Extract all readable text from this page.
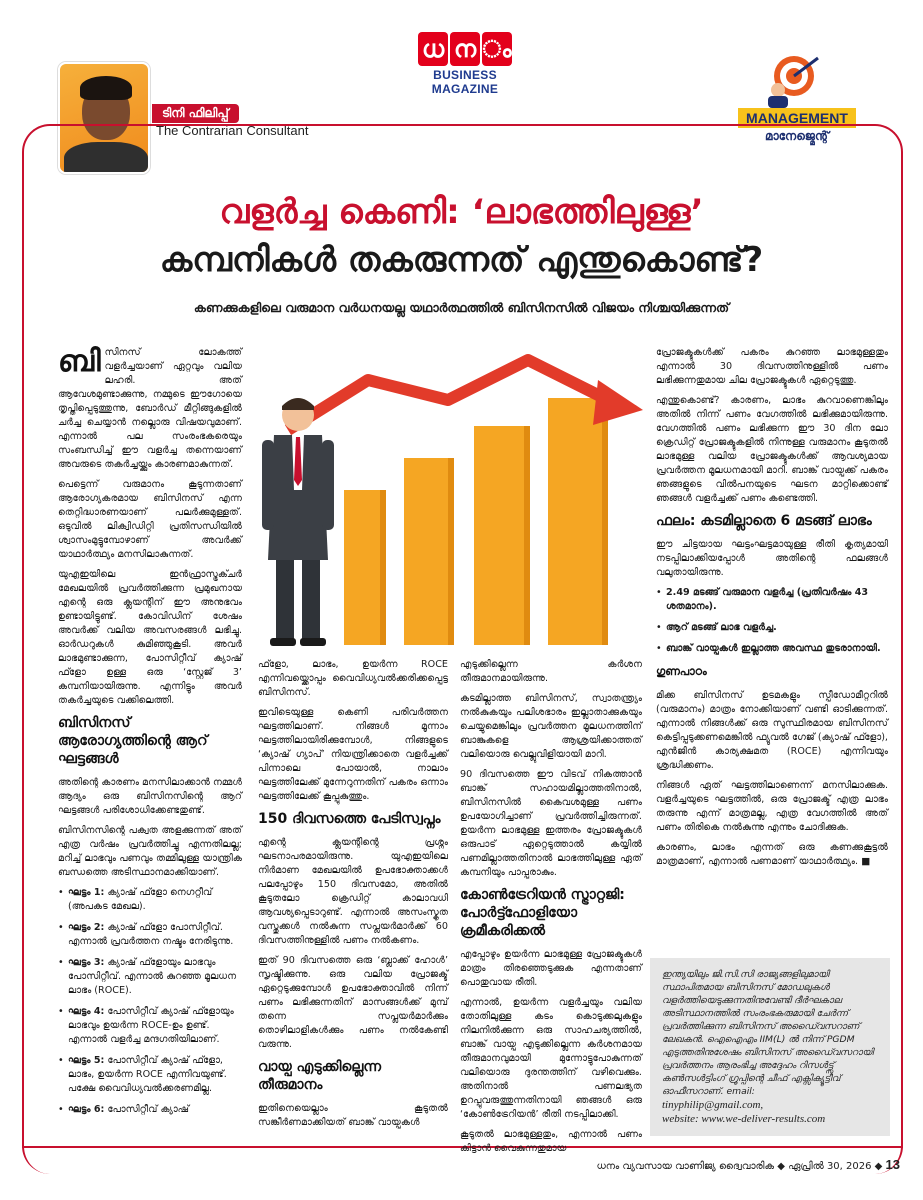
ധ ന ം
BUSINESS MAGAZINE
ടിനി ഫിലിപ്പ്
The Contrarian Consultant
MANAGEMENT
മാനേജ്മെന്റ്
വളര്‍ച്ച കെണി: ‘ലാഭത്തിലുള്ള’
കമ്പനികള്‍ തകരുന്നത് എന്തുകൊണ്ട്?
കണക്കുകളിലെ വരുമാന വര്‍ധനയല്ല യഥാര്‍ത്ഥത്തില്‍ ബിസിനസില്‍ വിജയം നിശ്ചയിക്കുന്നത്

ബിസിനസ് ലോകത്ത് വളര്‍ച്ചയാണ് ഏറ്റവും വലിയ ലഹരി. അത് ആവേശമുണ്ടാക്കുന്നു, നമ്മുടെ ഈഗോയെ തൃപ്തിപ്പെടുത്തുന്നു, ബോര്‍ഡ് മീറ്റിങ്ങുകളില്‍ ചര്‍ച്ച ചെയ്യാന്‍ നല്ലൊരു വിഷയവുമാണ്. എന്നാല്‍ പല സംരംഭകരെയും സംബന്ധിച്ച് ഈ വളര്‍ച്ച തന്നെയാണ് അവരുടെ തകര്‍ച്ചയ്ക്കും കാരണമാകുന്നത്.

പെട്ടെന്ന് വരുമാനം കൂടുന്നതാണ് ആരോഗ്യകരമായ ബിസിനസ് എന്ന തെറ്റിദ്ധാരണയാണ് പലര്‍ക്കുമുള്ളത്. ഒടുവില്‍ ലിക്വിഡിറ്റി പ്രതിസന്ധിയില്‍ ശ്വാസംമുട്ടുമ്പോഴാണ് അവര്‍ക്ക് യാഥാര്‍ത്ഥ്യം മനസിലാകുന്നത്.

യുഎഇയിലെ ഇന്‍ഫ്രാസ്ട്രക്ചര്‍ മേഖലയില്‍ പ്രവര്‍ത്തിക്കുന്ന പ്രമുഖനായ എന്റെ ഒരു ക്ലയന്റിന് ഈ അനുഭവം ഉണ്ടായിട്ടുണ്ട്. കോവിഡിന് ശേഷം അവര്‍ക്ക് വലിയ അവസരങ്ങള്‍ ലഭിച്ചു. ഓര്‍ഡറുകള്‍ കുമിഞ്ഞുകൂടി. അവര്‍ ലാഭമുണ്ടാക്കുന്ന, പോസിറ്റീവ് ക്യാഷ് ഫ്ളോ ഉള്ള ഒരു ‘സ്റ്റേജ് 3’ കമ്പനിയായിരുന്നു. എന്നിട്ടും അവര്‍ തകര്‍ച്ചയുടെ വക്കിലെത്തി.

ബിസിനസ് ആരോഗ്യത്തിന്റെ ആറ് ഘട്ടങ്ങള്‍

അതിന്റെ കാരണം മനസിലാക്കാന്‍ നമ്മള്‍ ആദ്യം ഒരു ബിസിനസിന്റെ ആറ് ഘട്ടങ്ങള്‍ പരിശോധിക്കേണ്ടതുണ്ട്.

ബിസിനസിന്റെ പക്വത അളക്കുന്നത് അത് എത്ര വര്‍ഷം പ്രവര്‍ത്തിച്ചു എന്നതിലല്ല; മറിച്ച് ലാഭവും പണവും തമ്മിലുള്ള യാന്ത്രിക ബന്ധത്തെ അടിസ്ഥാനമാക്കിയാണ്.

• ഘട്ടം 1: ക്യാഷ് ഫ്ളോ നെഗറ്റീവ് (അപകട മേഖല).
• ഘട്ടം 2: ക്യാഷ് ഫ്ളോ പോസിറ്റീവ്. എന്നാല്‍ പ്രവര്‍ത്തന നഷ്ടം നേരിടുന്നു.
• ഘട്ടം 3: ക്യാഷ് ഫ്ളോയും ലാഭവും പോസിറ്റീവ്. എന്നാല്‍ കുറഞ്ഞ മൂലധന ലാഭം (ROCE).
• ഘട്ടം 4: പോസിറ്റീവ് ക്യാഷ് ഫ്ളോയും ലാഭവും ഉയര്‍ന്ന ROCE-ഉം ഉണ്ട്. എന്നാല്‍ വളര്‍ച്ച മന്ദഗതിയിലാണ്.
• ഘട്ടം 5: പോസിറ്റീവ് ക്യാഷ് ഫ്ളോ, ലാഭം, ഉയര്‍ന്ന ROCE എന്നിവയുണ്ട്. പക്ഷേ വൈവിധ്യവല്‍ക്കരണമില്ല.
• ഘട്ടം 6: പോസിറ്റീവ് ക്യാഷ്

ഫ്ളോ, ലാഭം, ഉയര്‍ന്ന ROCE എന്നിവയ്ക്കൊപ്പം വൈവിധ്യവല്‍ക്കരിക്കപ്പെട്ട ബിസിനസ്.

ഇവിടെയുള്ള കെണി പരിവര്‍ത്തന ഘട്ടത്തിലാണ്. നിങ്ങള്‍ മൂന്നാം ഘട്ടത്തിലായിരിക്കുമ്പോള്‍, നിങ്ങളുടെ ‘ക്യാഷ് ഗ്യാപ്’ നിയന്ത്രിക്കാതെ വളര്‍ച്ചക്ക് പിന്നാലെ പോയാല്‍, നാലാം ഘട്ടത്തിലേക്ക് മുന്നേറുന്നതിന് പകരം ഒന്നാം ഘട്ടത്തിലേക്ക് കൂപ്പുകുത്തും.

150 ദിവസത്തെ പേടിസ്വപ്നം

എന്റെ ക്ലയന്റിന്റെ പ്രശ്നം ഘടനാപരമായിരുന്നു. യുഎഇയിലെ നിര്‍മാണ മേഖലയില്‍ ഉപഭോക്താക്കള്‍ പലപ്പോഴും 150 ദിവസമോ, അതില്‍ കൂടുതലോ ക്രെഡിറ്റ് കാലാവധി ആവശ്യപ്പെടാറുണ്ട്. എന്നാല്‍ അസംസ്കൃത വസ്തുക്കള്‍ നല്‍കുന്ന സപ്ലയര്‍മാര്‍ക്ക് 60 ദിവസത്തിനുള്ളില്‍ പണം നല്‍കണം.

ഇത് 90 ദിവസത്തെ ഒരു ‘ബ്ലാക്ക് ഹോള്‍’ സൃഷ്ടിക്കുന്നു. ഒരു വലിയ പ്രോജക്ട് ഏറ്റെടുക്കുമ്പോള്‍ ഉപഭോക്താവില്‍ നിന്ന് പണം ലഭിക്കുന്നതിന് മാസങ്ങള്‍ക്ക് മുമ്പ് തന്നെ സപ്ലയര്‍മാര്‍ക്കും തൊഴിലാളികള്‍ക്കും പണം നല്‍കേണ്ടി വരുന്നു.

വായ്പ എടുക്കില്ലെന്ന തീരുമാനം

ഇതിനെയെല്ലാം കൂടുതല്‍ സങ്കീര്‍ണമാക്കിയത് ബാങ്ക് വായ്പകള്‍

എടുക്കില്ലെന്ന കര്‍ശന തീരുമാനമായിരുന്നു.

കടമില്ലാത്ത ബിസിനസ്, സ്വാതന്ത്ര്യം നല്‍കുകയും പലിശഭാരം ഇല്ലാതാക്കുകയും ചെയ്യുമെങ്കിലും പ്രവര്‍ത്തന മൂലധനത്തിന് ബാങ്കുകളെ ആശ്രയിക്കാത്തത് വലിയൊരു വെല്ലുവിളിയായി മാറി.

90 ദിവസത്തെ ഈ വിടവ് നികത്താന്‍ ബാങ്ക് സഹായമില്ലാത്തതിനാല്‍, ബിസിനസില്‍ കൈവശമുള്ള പണം ഉപയോഗിച്ചാണ് പ്രവര്‍ത്തിച്ചിരുന്നത്. ഉയര്‍ന്ന ലാഭമുള്ള ഇത്തരം പ്രോജക്ടുകള്‍ ഒരുപാട് ഏറ്റെടുത്താല്‍ കയ്യില്‍ പണമില്ലാത്തതിനാല്‍ ലാഭത്തിലുള്ള ഏത് കമ്പനിയും പാപ്പരാകും.

കോണ്‍ട്രേറിയന്‍ സ്ട്രാറ്റജി: പോര്‍ട്ട്ഫോളിയോ ക്രമീകരിക്കല്‍

എപ്പോഴും ഉയര്‍ന്ന ലാഭമുള്ള പ്രോജക്ടുകള്‍ മാത്രം തിരഞ്ഞെടുക്കുക എന്നതാണ് പൊതുവായ രീതി.

എന്നാല്‍, ഉയര്‍ന്ന വളര്‍ച്ചയും വലിയ തോതിലുള്ള കടം കൊടുക്കലുകളും നിലനില്‍ക്കുന്ന ഒരു സാഹചര്യത്തില്‍, ബാങ്ക് വായ്പ എടുക്കില്ലെന്ന കര്‍ശനമായ തീരുമാനവുമായി മുന്നോട്ടുപോകുന്നത് വലിയൊരു ദുരന്തത്തിന് വഴിവെക്കും. അതിനാല്‍ പണലഭ്യത ഉറപ്പുവരുത്തുന്നതിനായി ഞങ്ങള്‍ ഒരു ‘കോണ്‍ട്രേറിയന്‍’ രീതി നടപ്പിലാക്കി.

കൂടുതല്‍ ലാഭമുള്ളതും, എന്നാല്‍ പണം കിട്ടാന്‍ വൈകുന്നതുമായ

പ്രോജക്ടുകള്‍ക്ക് പകരം കുറഞ്ഞ ലാഭമുള്ളതും എന്നാല്‍ 30 ദിവസത്തിനുള്ളില്‍ പണം ലഭിക്കുന്നതുമായ ചില പ്രോജക്ടുകള്‍ ഏറ്റെടുത്തു.

എന്തുകൊണ്ട്? കാരണം, ലാഭം കുറവാണെങ്കിലും അതില്‍ നിന്ന് പണം വേഗത്തില്‍ ലഭിക്കുമായിരുന്നു. വേഗത്തില്‍ പണം ലഭിക്കുന്ന ഈ 30 ദിന ലോ ക്രെഡിറ്റ് പ്രോജക്ടുകളില്‍ നിന്നുള്ള വരുമാനം കൂടുതല്‍ ലാഭമുള്ള വലിയ പ്രോജക്ടുകള്‍ക്ക് ആവശ്യമായ പ്രവര്‍ത്തന മൂലധനമായി മാറി. ബാങ്ക് വായ്പക്ക് പകരം ഞങ്ങളുടെ വില്‍പനയുടെ ഘടന മാറ്റിക്കൊണ്ട് ഞങ്ങള്‍ വളര്‍ച്ചക്ക് പണം കണ്ടെത്തി.

ഫലം: കടമില്ലാതെ 6 മടങ്ങ് ലാഭം

ഈ ചിട്ടയായ ഘട്ടംഘട്ടമായുള്ള രീതി കൃത്യമായി നടപ്പിലാക്കിയപ്പോള്‍ അതിന്റെ ഫലങ്ങള്‍ വലുതായിരുന്നു.

• 2.49 മടങ്ങ് വരുമാന വളര്‍ച്ച (പ്രതിവര്‍ഷം 43 ശതമാനം).
• ആറ് മടങ്ങ് ലാഭ വളര്‍ച്ച.
• ബാങ്ക് വായ്പകള്‍ ഇല്ലാത്ത അവസ്ഥ തുടരാനായി.
ഗുണപാഠം

മിക്ക ബിസിനസ് ഉടമകളും സ്പീഡോമീറ്ററില്‍ (വരുമാനം) മാത്രം നോക്കിയാണ് വണ്ടി ഓടിക്കുന്നത്. എന്നാല്‍ നിങ്ങള്‍ക്ക് ഒരു സുസ്ഥിരമായ ബിസിനസ് കെട്ടിപ്പടുക്കണമെങ്കില്‍ ഫ്യുവല്‍ ഗേജ് (ക്യാഷ് ഫ്ളോ), എന്‍ജിന്‍ കാര്യക്ഷമത (ROCE) എന്നിവയും ശ്രദ്ധിക്കണം.

നിങ്ങള്‍ ഏത് ഘട്ടത്തിലാണെന്ന് മനസിലാക്കുക. വളര്‍ച്ചയുടെ ഘട്ടത്തില്‍, ഒരു പ്രോജക്ട് എത്ര ലാഭം തരുന്നു എന്ന് മാത്രമല്ല, എത്ര വേഗത്തില്‍ അത് പണം തിരികെ നല്‍കുന്നു എന്നും ചോദിക്കുക.

കാരണം, ലാഭം എന്നത് ഒരു കണക്കുകൂട്ടല്‍ മാത്രമാണ്, എന്നാല്‍ പണമാണ് യാഥാര്‍ത്ഥ്യം. ■

ഇന്ത്യയിലും ജി.സി.സി രാജ്യങ്ങളിലുമായി സ്ഥാപിതമായ ബിസിനസ് മോഡലുകള്‍ വളര്‍ത്തിയെടുക്കുന്നതിനുവേണ്ടി ദീര്‍ഘകാല അടിസ്ഥാനത്തില്‍ സംരംഭകരുമായി ചേര്‍ന്ന് പ്രവര്‍ത്തിക്കുന്ന ബിസിനസ് അഡൈ്വസറാണ് ലേഖകന്‍. ഐഐഎം IIM(L) ല്‍ നിന്ന് PGDM എടുത്തതിനുശേഷം ബിസിനസ് അഡൈ്വസറായി പ്രവര്‍ത്തനം ആരംഭിച്ച അദ്ദേഹം റിസള്‍ട്ട്സ് കണ്‍സള്‍ട്ടിംഗ് ഗ്രൂപ്പിന്റെ ചീഫ് എക്സിക്യൂട്ടീവ് ഓഫീസറാണ്. email:
tinyphilip@gmail.com,
website: www.we-deliver-results.com
ധനം വ്യവസായ വാണിജ്യ ദ്വൈവാരിക ◆ ഏപ്രില്‍ 30, 2026 ◆ 13
